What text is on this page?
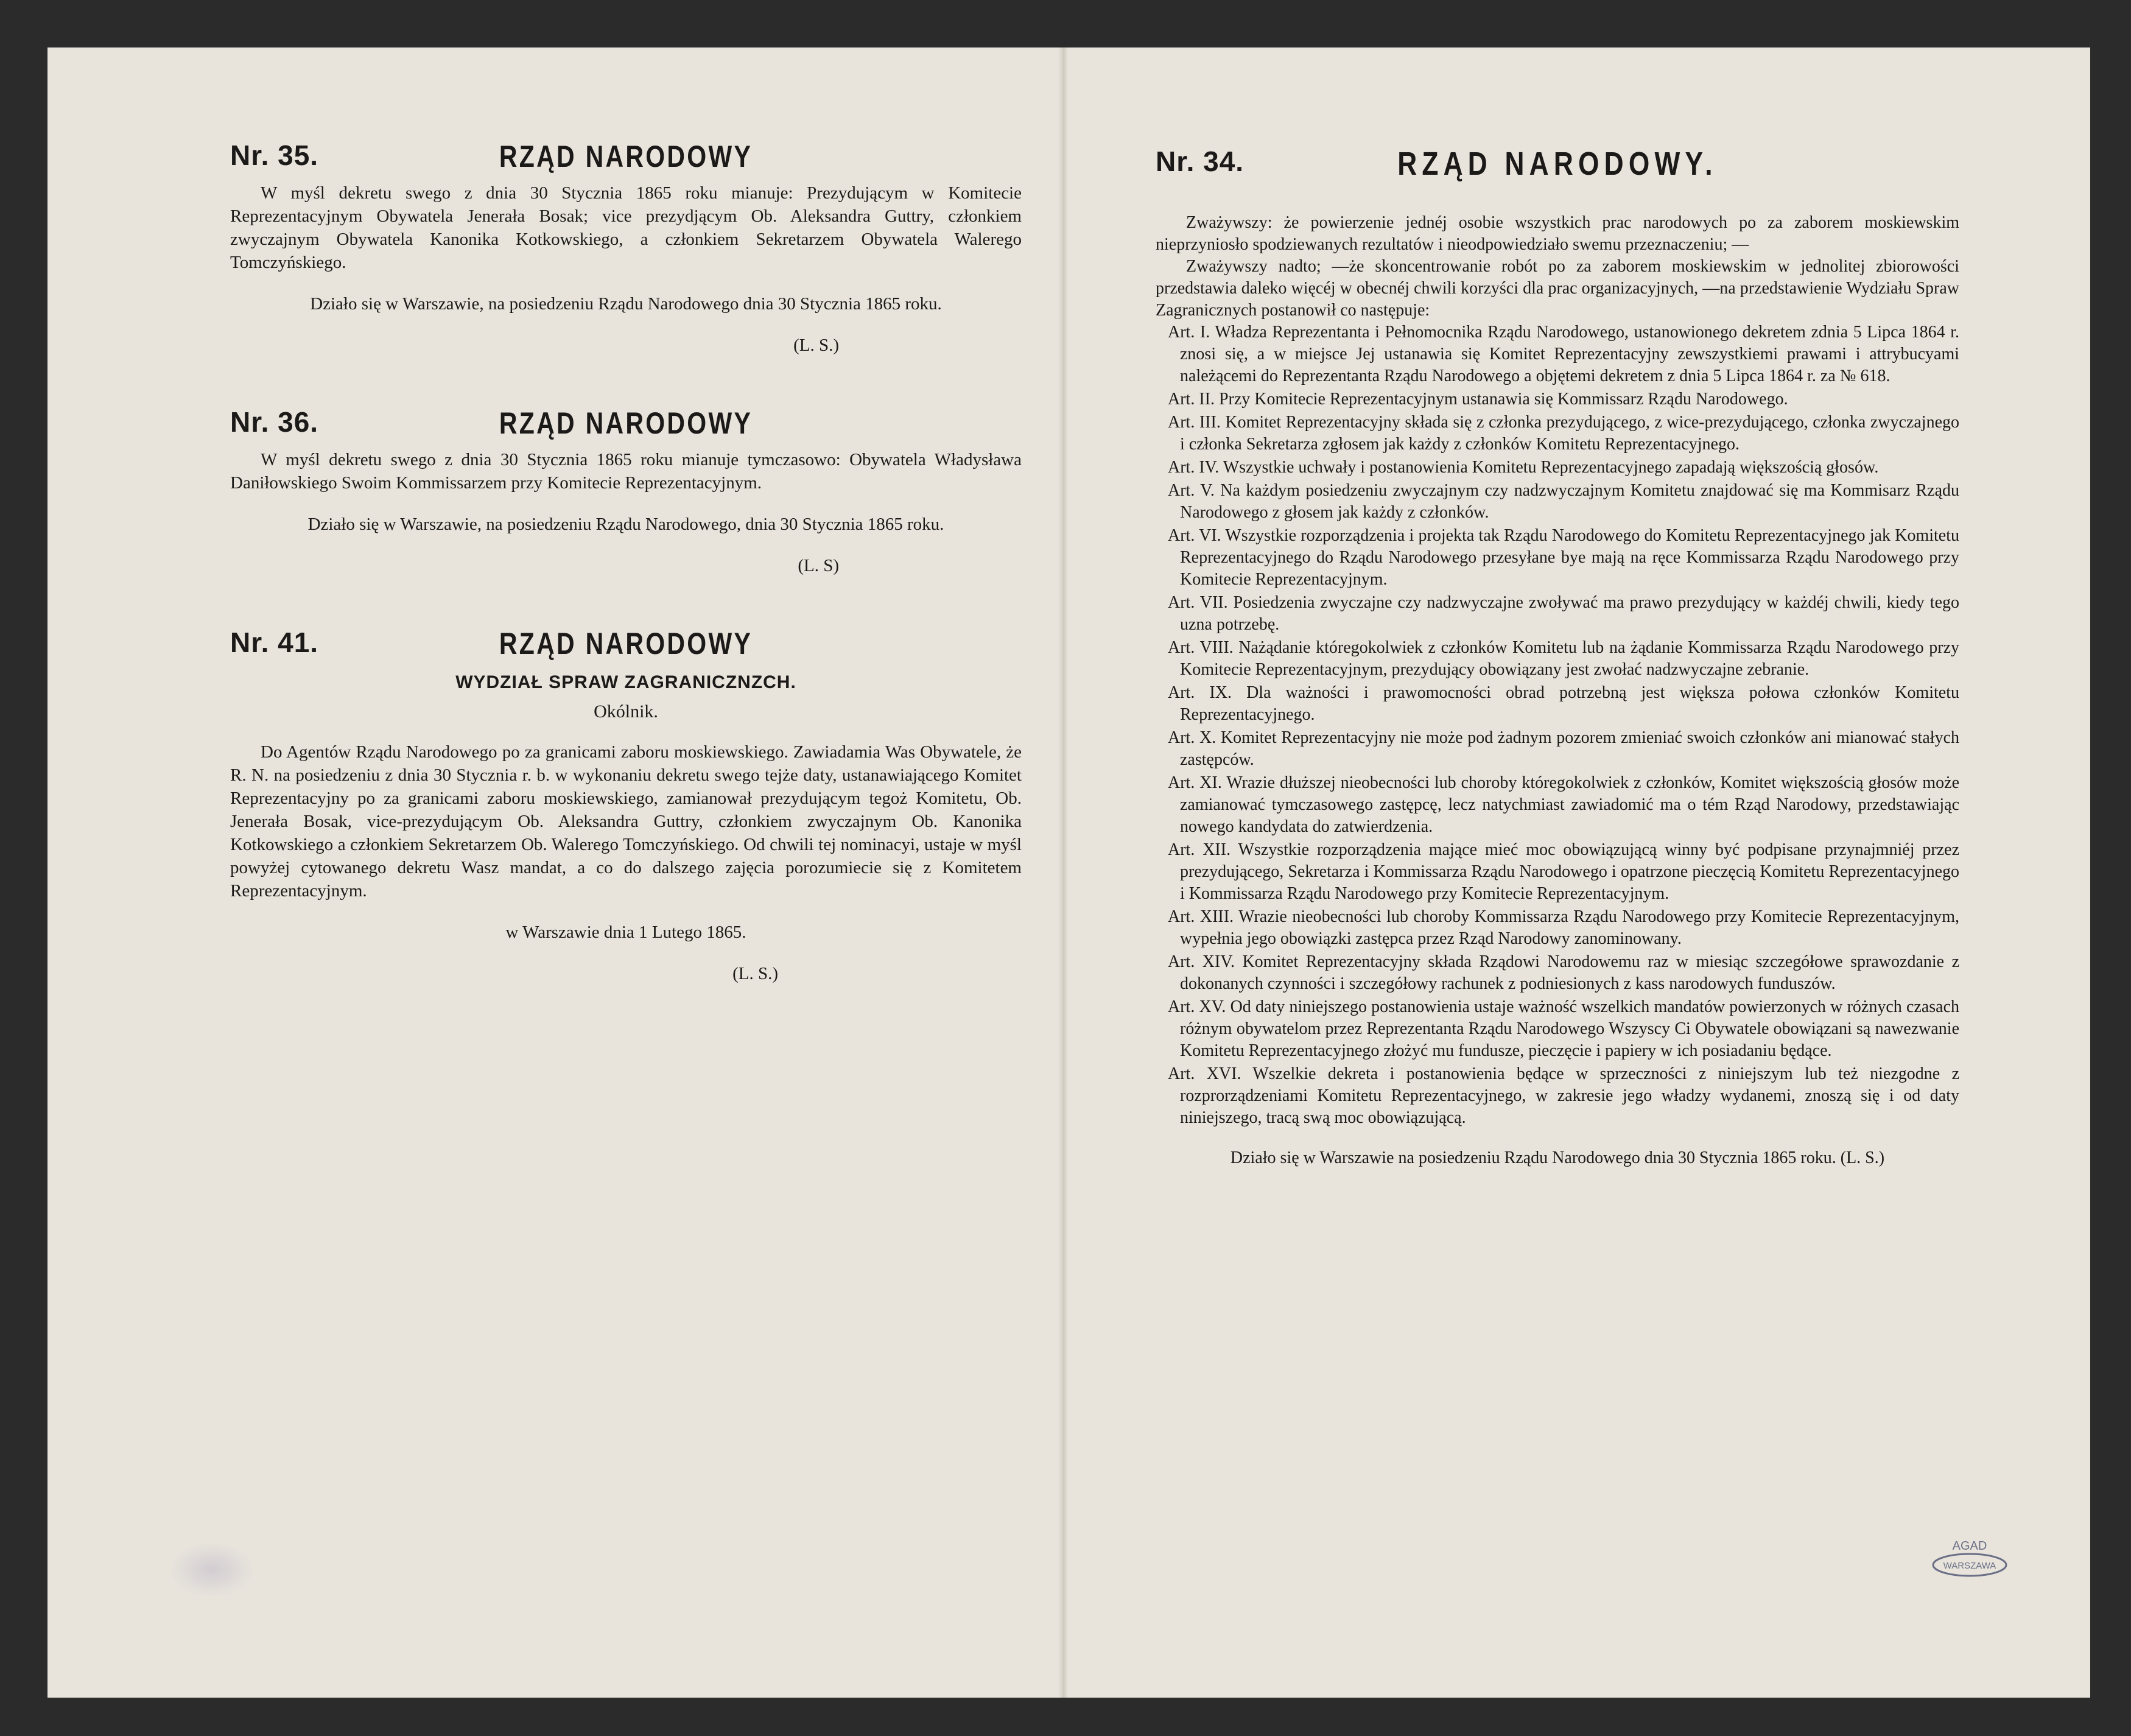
Nr. 35.	RZĄD NARODOWY

W myśl dekretu swego z dnia 30 Stycznia 1865 roku mianuje: Prezydującym w Komitecie Reprezentacyjnym Obywatela Jenerała Bosak; vice prezydjącym Ob. Aleksandra Guttry, członkiem zwyczajnym Obywatela Kanonika Kotkowskiego, a członkiem Sekretarzem Obywatela Walerego Tomczyńskiego.

Działo się w Warszawie, na posiedzeniu Rządu Narodowego dnia 30 Stycznia 1865 roku.

(L. S.)

Nr. 36.	RZĄD NARODOWY

W myśl dekretu swego z dnia 30 Stycznia 1865 roku mianuje tymczasowo: Obywatela Władysława Daniłowskiego Swoim Kommissarzem przy Komitecie Reprezentacyjnym.

Działo się w Warszawie, na posiedzeniu Rządu Narodowego, dnia 30 Stycznia 1865 roku.

(L. S)

Nr. 41.	RZĄD NARODOWY
WYDZIAŁ SPRAW ZAGRANICZNZCH.
Okólnik.

Do Agentów Rządu Narodowego po za granicami zaboru moskiewskiego. Zawiadamia Was Obywatele, że R. N. na posiedzeniu z dnia 30 Stycznia r. b. w wykonaniu dekretu swego tejże daty, ustanawiającego Komitet Reprezentacyjny po za granicami zaboru moskiewskiego, zamianował prezydującym tegoż Komitetu, Ob. Jenerała Bosak, vice-prezydującym Ob. Aleksandra Guttry, członkiem zwyczajnym Ob. Kanonika Kotkowskiego a członkiem Sekretarzem Ob. Walerego Tomczyńskiego. Od chwili tej nominacyi, ustaje w myśl powyżej cytowanego dekretu Wasz mandat, a co do dalszego zajęcia porozumiecie się z Komitetem Reprezentacyjnym.

w Warszawie dnia 1 Lutego 1865.

(L. S.)

Nr. 34.	RZĄD NARODOWY.

Zważywszy: że powierzenie jednéj osobie wszystkich prac narodowych po za zaborem moskiewskim nieprzyniosło spodziewanych rezultatów i nieodpowiedziało swemu przeznaczeniu; —

Zważywszy nadto; —że skoncentrowanie robót po za zaborem moskiewskim w jednolitej zbiorowości przedstawia daleko więcéj w obecnéj chwili korzyści dla prac organizacyjnych, —na przedstawienie Wydziału Spraw Zagranicznych postanowił co następuje:

Art. I. Władza Reprezentanta i Pełnomocnika Rządu Narodowego, ustanowionego dekretem zdnia 5 Lipca 1864 r. znosi się, a w miejsce Jej ustanawia się Komitet Reprezentacyjny zewszystkiemi prawami i attrybucyami należącemi do Reprezentanta Rządu Narodowego a objętemi dekretem z dnia 5 Lipca 1864 r. za № 618.

Art. II. Przy Komitecie Reprezentacyjnym ustanawia się Kommissarz Rządu Narodowego.

Art. III. Komitet Reprezentacyjny składa się z członka prezydującego, z wice-prezydującego, członka zwyczajnego i członka Sekretarza zgłosem jak każdy z członków Komitetu Reprezentacyjnego.

Art. IV. Wszystkie uchwały i postanowienia Komitetu Reprezentacyjnego zapadają większością głosów.

Art. V. Na każdym posiedzeniu zwyczajnym czy nadzwyczajnym Komitetu znajdować się ma Kommisarz Rządu Narodowego z głosem jak każdy z członków.

Art. VI. Wszystkie rozporządzenia i projekta tak Rządu Narodowego do Komitetu Reprezentacyjnego jak Komitetu Reprezentacyjnego do Rządu Narodowego przesyłane bye mają na ręce Kommissarza Rządu Narodowego przy Komitecie Reprezentacyjnym.

Art. VII. Posiedzenia zwyczajne czy nadzwyczajne zwoływać ma prawo prezydujący w każdéj chwili, kiedy tego uzna potrzebę.

Art. VIII. Nażądanie któregokolwiek z członków Komitetu lub na żądanie Kommissarza Rządu Narodowego przy Komitecie Reprezentacyjnym, prezydujący obowiązany jest zwołać nadzwyczajne zebranie.

Art. IX. Dla ważności i prawomocności obrad potrzebną jest większa połowa członków Komitetu Reprezentacyjnego.

Art. X. Komitet Reprezentacyjny nie może pod żadnym pozorem zmieniać swoich członków ani mianować stałych zastępców.

Art. XI. Wrazie dłuższej nieobecności lub choroby któregokolwiek z członków, Komitet większością głosów może zamianować tymczasowego zastępcę, lecz natychmiast zawiadomić ma o tém Rząd Narodowy, przedstawiając nowego kandydata do zatwierdzenia.

Art. XII. Wszystkie rozporządzenia mające mieć moc obowiązującą winny być podpisane przynajmniéj przez prezydującego, Sekretarza i Kommissarza Rządu Narodowego i opatrzone pieczęcią Komitetu Reprezentacyjnego i Kommissarza Rządu Narodowego przy Komitecie Reprezentacyjnym.

Art. XIII. Wrazie nieobecności lub choroby Kommissarza Rządu Narodowego przy Komitecie Reprezentacyjnym, wypełnia jego obowiązki zastępca przez Rząd Narodowy zanominowany.

Art. XIV. Komitet Reprezentacyjny składa Rządowi Narodowemu raz w miesiąc szczegółowe sprawozdanie z dokonanych czynności i szczegółowy rachunek z podniesionych z kass narodowych funduszów.

Art. XV. Od daty niniejszego postanowienia ustaje ważność wszelkich mandatów powierzonych w różnych czasach różnym obywatelom przez Reprezentanta Rządu Narodowego Wszyscy Ci Obywatele obowiązani są nawezwanie Komitetu Reprezentacyjnego złożyć mu fundusze, pieczęcie i papiery w ich posiadaniu będące.

Art. XVI. Wszelkie dekreta i postanowienia będące w sprzeczności z niniejszym lub też niezgodne z rozprorządzeniami Komitetu Reprezentacyjnego, w zakresie jego władzy wydanemi, znoszą się i od daty niniejszego, tracą swą moc obowiązującą.

Działo się w Warszawie na posiedzeniu Rządu Narodowego dnia 30 Stycznia 1865 roku. (L. S.)

AGAD
WARSZAWA
